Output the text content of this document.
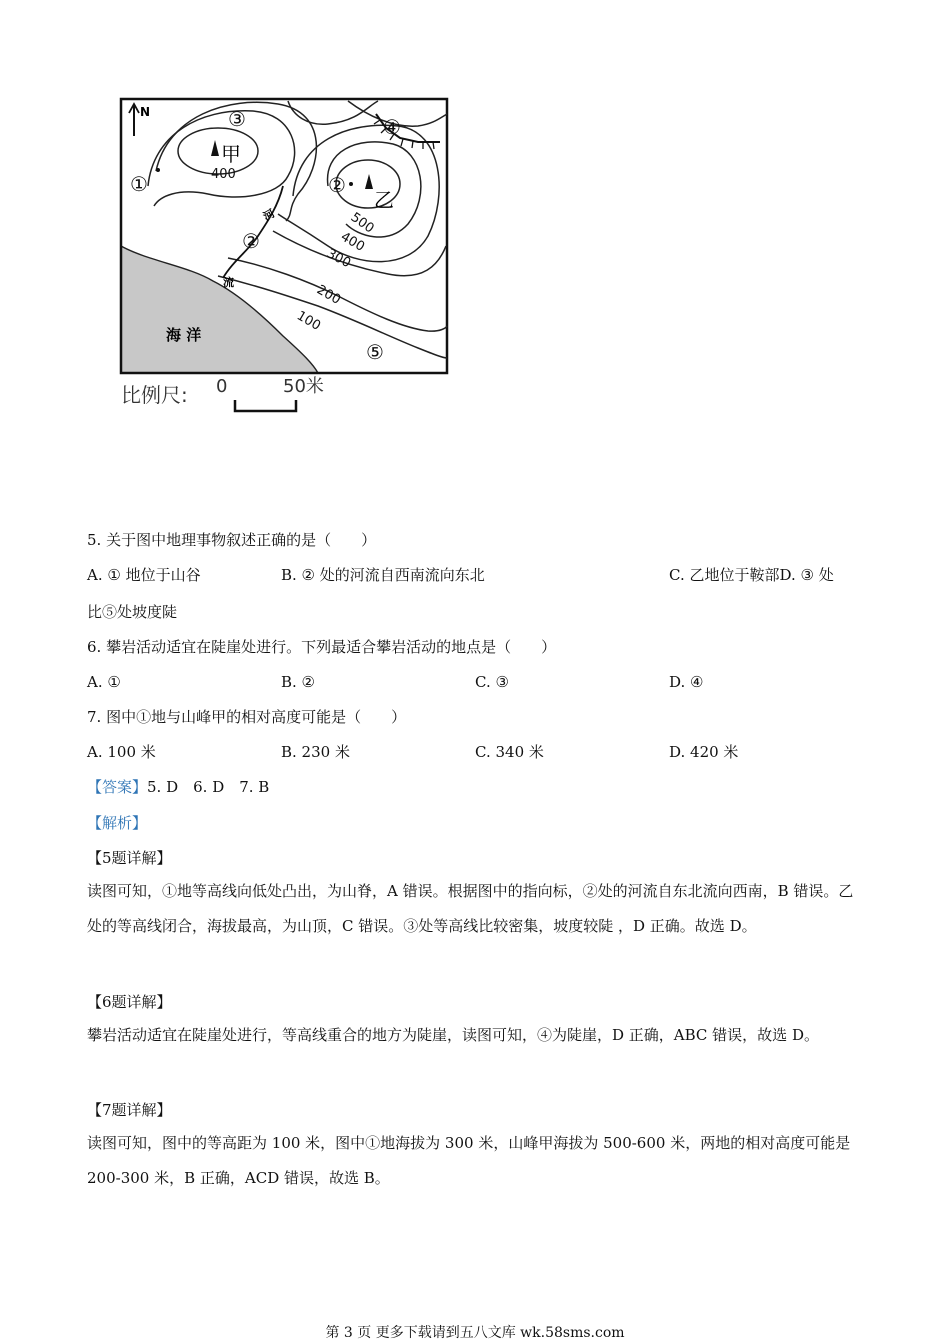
N
甲
乙
400
500
400
300
200
100
①	②
③	④
②
⑤
河
流
海 洋
比例尺: 0	50米
5. 关于图中地理事物叙述正确的是（　　）
A. ① 地位于山谷	B. ② 处的河流自西南流向东北	C. 乙地位于鞍部D. ③ 处
比⑤处坡度陡
6. 攀岩活动适宜在陡崖处进行。下列最适合攀岩活动的地点是（　　）
A. ①	B. ②	C. ③	D. ④
7. 图中①地与山峰甲的相对高度可能是（　　）
A. 100 米	B. 230 米	C. 340 米	D. 420 米
【答案】5. D　6. D　7. B
【解析】
【5题详解】
读图可知，①地等高线向低处凸出，为山脊，A 错误。根据图中的指向标，②处的河流自东北流向西南，B 错误。乙处的等高线闭合，海拔最高，为山顶，C 错误。③处等高线比较密集，坡度较陡 ，D 正确。故选 D。
【6题详解】
攀岩活动适宜在陡崖处进行，等高线重合的地方为陡崖，读图可知，④为陡崖，D 正确，ABC 错误，故选 D。
【7题详解】
读图可知，图中的等高距为 100 米，图中①地海拔为 300 米，山峰甲海拔为 500-600 米，两地的相对高度可能是 200-300 米，B 正确，ACD 错误，故选 B。
第 3 页 更多下载请到五八文库 wk.58sms.com
